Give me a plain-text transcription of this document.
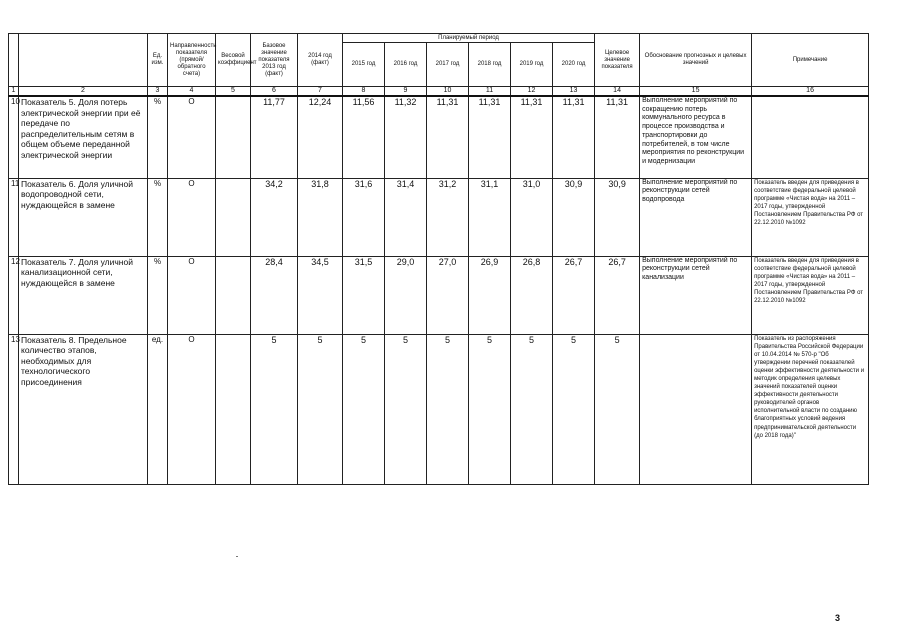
		Ед. изм.	Направленность показателя (прямой/обратного счета)	Весовой коэффициент	Базовое значение показателя 2013 год (факт)	2014 год (факт)	Планируемый период						Целевое значение показателя	Обоснование прогнозных и целевых значений	Примечание
							2015 год	2016 год	2017 год	2018 год	2019 год	2020 год			
1	2	3	4	5	6	7	8	9	10	11	12	13	14	15	16
10	Показатель 5. Доля потерь электрической энергии при её передаче по распределительным сетям в общем объеме переданной электрической энергии	%	О		11,77	12,24	11,56	11,32	11,31	11,31	11,31	11,31	11,31	Выполнение мероприятий по сокращению потерь коммунального ресурса в процессе производства и транспортировки до потребителей, в том числе мероприятия по реконструкции и модернизации	
11	Показатель 6. Доля уличной водопроводной сети, нуждающейся в замене	%	О		34,2	31,8	31,6	31,4	31,2	31,1	31,0	30,9	30,9	Выполнение мероприятий по реконструкции сетей водопровода	Показатель введен для приведения в соответствие федеральной целевой программе «Чистая вода» на 2011 – 2017 годы, утвержденной Постановлением Правительства РФ от 22.12.2010 №1092
12	Показатель 7. Доля уличной канализационной сети, нуждающейся в замене	%	О		28,4	34,5	31,5	29,0	27,0	26,9	26,8	26,7	26,7	Выполнение мероприятий по реконструкции сетей канализации	Показатель введен для приведения в соответствие федеральной целевой программе «Чистая вода» на 2011 – 2017 годы, утвержденной Постановлением Правительства РФ от 22.12.2010 №1092
13	Показатель 8. Предельное количество этапов, необходимых для технологического присоединения	ед.	О		5	5	5	5	5	5	5	5	5		Показатель из распоряжения Правительства Российской Федерации от 10.04.2014 № 570-р "Об утверждении перечней показателей оценки эффективности деятельности и методик определения целевых значений показателей оценки эффективности деятельности руководителей органов исполнительной власти по созданию благоприятных условий ведения предпринимательской деятельности (до 2018 года)"
3
